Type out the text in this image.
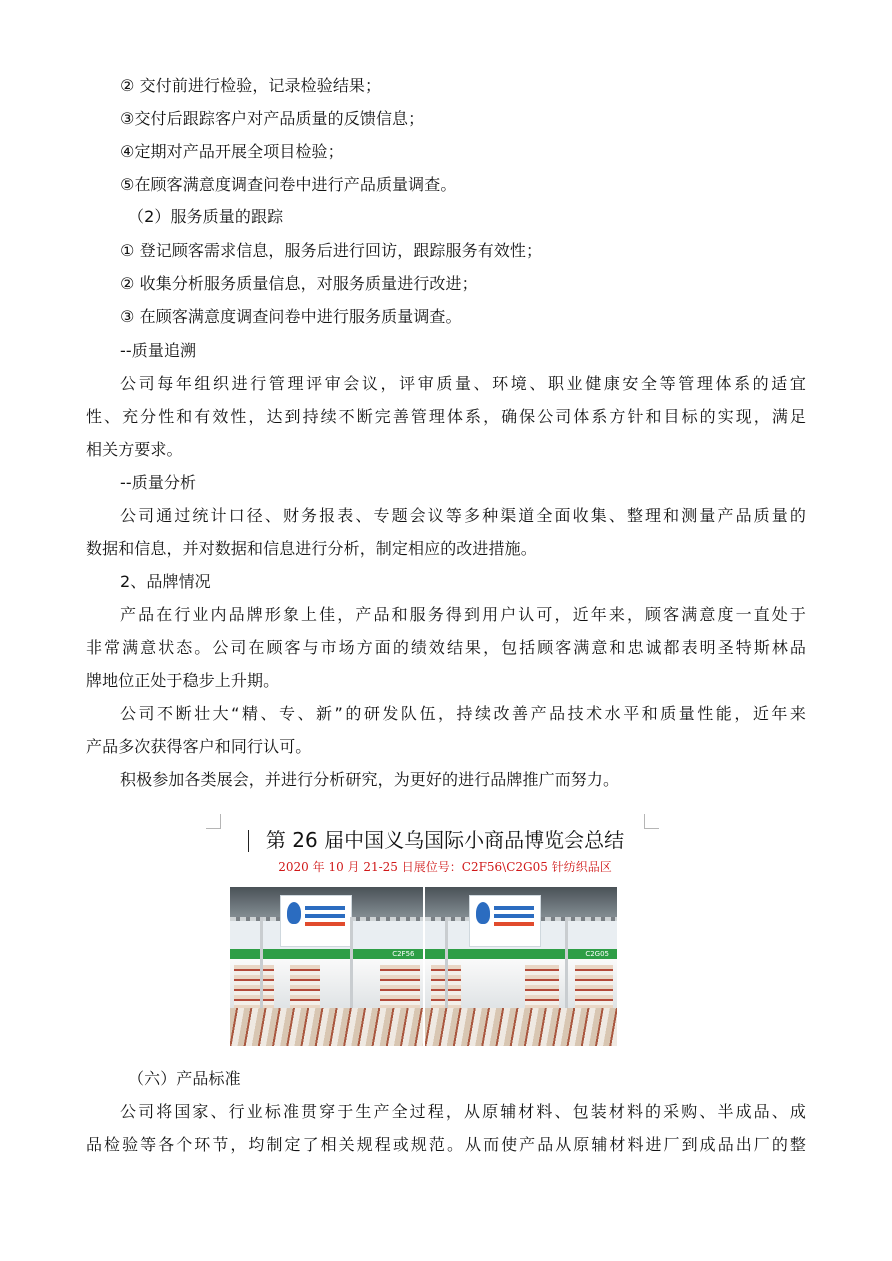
② 交付前进行检验，记录检验结果；
③交付后跟踪客户对产品质量的反馈信息；
④定期对产品开展全项目检验；
⑤在顾客满意度调查问卷中进行产品质量调查。
（2）服务质量的跟踪
① 登记顾客需求信息，服务后进行回访，跟踪服务有效性；
② 收集分析服务质量信息，对服务质量进行改进；
③ 在顾客满意度调查问卷中进行服务质量调查。
--质量追溯
公司每年组织进行管理评审会议，评审质量、环境、职业健康安全等管理体系的适宜
性、充分性和有效性，达到持续不断完善管理体系，确保公司体系方针和目标的实现，满足
相关方要求。
--质量分析
公司通过统计口径、财务报表、专题会议等多种渠道全面收集、整理和测量产品质量的
数据和信息，并对数据和信息进行分析，制定相应的改进措施。
2、品牌情况
产品在行业内品牌形象上佳，产品和服务得到用户认可，近年来，顾客满意度一直处于
非常满意状态。公司在顾客与市场方面的绩效结果，包括顾客满意和忠诚都表明圣特斯林品
牌地位正处于稳步上升期。
公司不断壮大“精、专、新”的研发队伍，持续改善产品技术水平和质量性能，近年来
产品多次获得客户和同行认可。
积极参加各类展会，并进行分析研究，为更好的进行品牌推广而努力。
第 26 届中国义乌国际小商品博览会总结
2020 年 10 月 21-25 日展位号：C2F56\C2G05 针纺织品区
C2F56	C2G05
（六）产品标准
公司将国家、行业标准贯穿于生产全过程，从原辅材料、包装材料的采购、半成品、成
品检验等各个环节，均制定了相关规程或规范。从而使产品从原辅材料进厂到成品出厂的整
